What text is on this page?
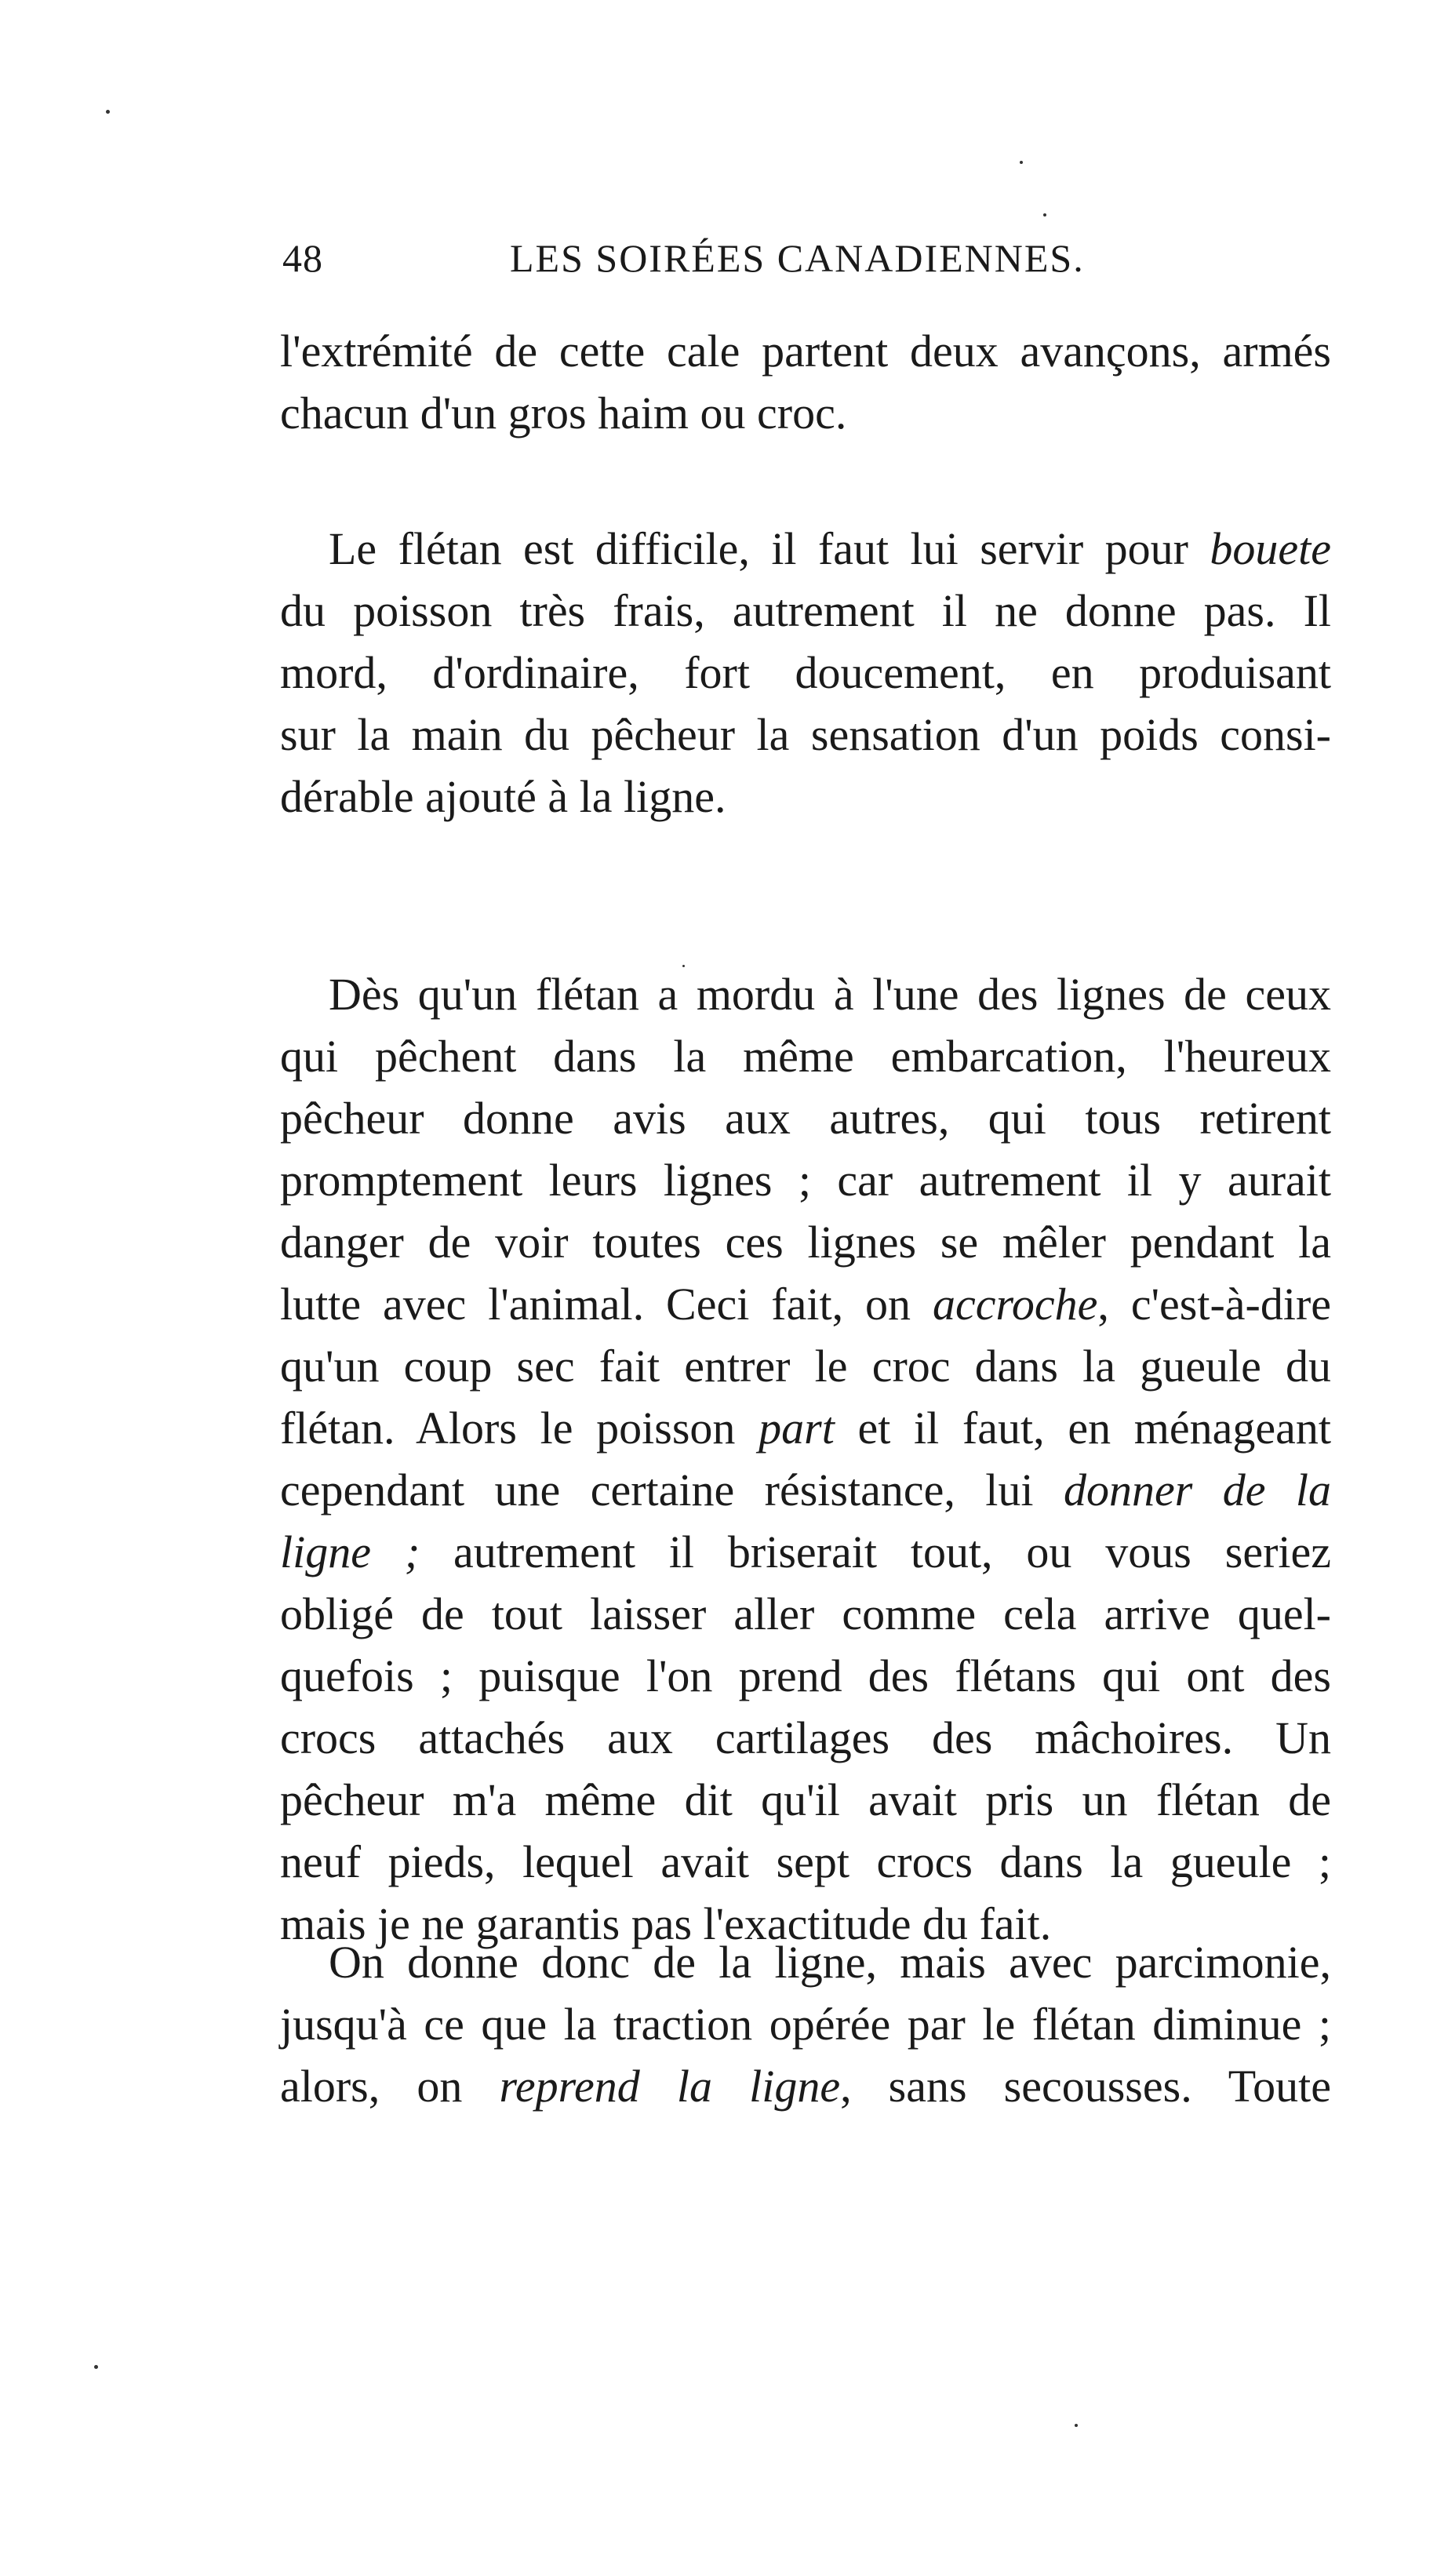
48	LES SOIRÉES CANADIENNES.
l'extrémité de cette cale partent deux avançons, armés
chacun d'un gros haim ou croc.
Le flétan est difficile, il faut lui servir pour bouete
du poisson très frais, autrement il ne donne pas. Il
mord, d'ordinaire, fort doucement, en produisant
sur la main du pêcheur la sensation d'un poids consi-
dérable ajouté à la ligne.
Dès qu'un flétan a mordu à l'une des lignes de ceux
qui pêchent dans la même embarcation, l'heureux
pêcheur donne avis aux autres, qui tous retirent
promptement leurs lignes ; car autrement il y aurait
danger de voir toutes ces lignes se mêler pendant la
lutte avec l'animal. Ceci fait, on accroche, c'est-à-dire
qu'un coup sec fait entrer le croc dans la gueule du
flétan. Alors le poisson part et il faut, en ménageant
cependant une certaine résistance, lui donner de la
ligne ; autrement il briserait tout, ou vous seriez
obligé de tout laisser aller comme cela arrive quel-
quefois ; puisque l'on prend des flétans qui ont des
crocs attachés aux cartilages des mâchoires. Un
pêcheur m'a même dit qu'il avait pris un flétan de
neuf pieds, lequel avait sept crocs dans la gueule ;
mais je ne garantis pas l'exactitude du fait.
On donne donc de la ligne, mais avec parcimonie,
jusqu'à ce que la traction opérée par le flétan diminue ;
alors, on reprend la ligne, sans secousses. Toute
